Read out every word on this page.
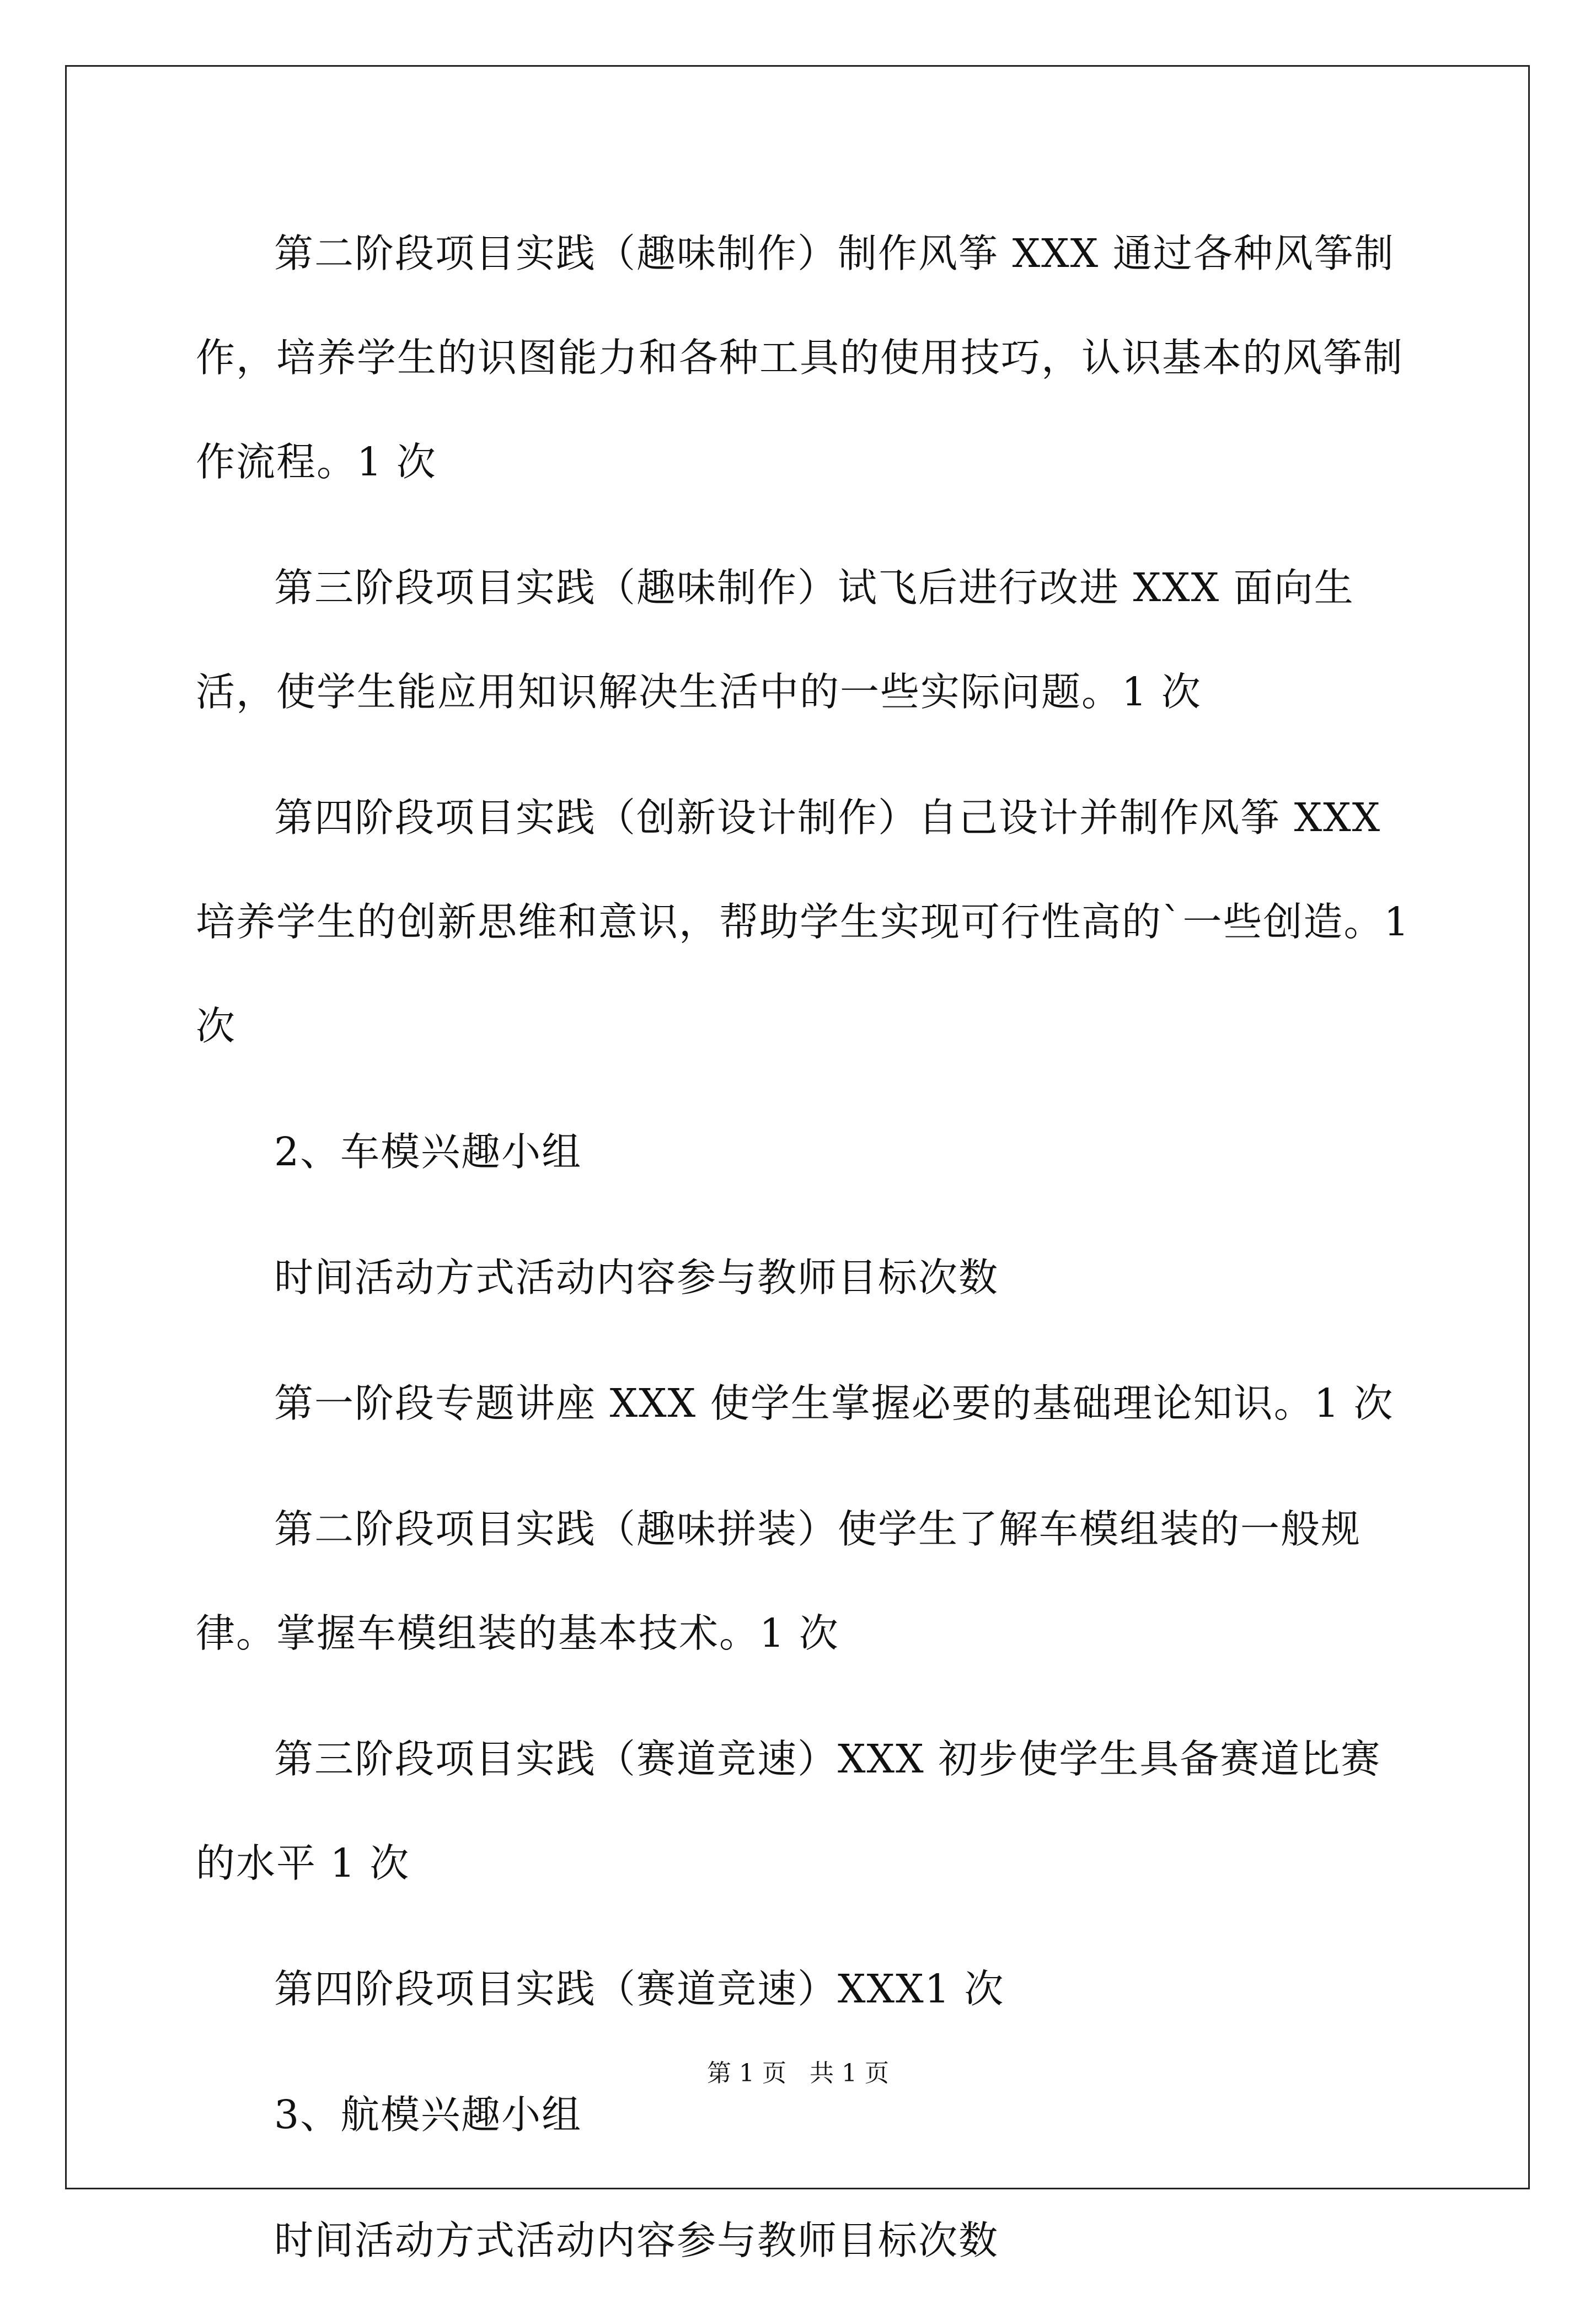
第二阶段项目实践（趣味制作）制作风筝 XXX 通过各种风筝制作，培养学生的识图能力和各种工具的使用技巧，认识基本的风筝制作流程。1 次

第三阶段项目实践（趣味制作）试飞后进行改进 XXX 面向生活，使学生能应用知识解决生活中的一些实际问题。1 次

第四阶段项目实践（创新设计制作）自己设计并制作风筝 XXX 培养学生的创新思维和意识，帮助学生实现可行性高的`一些创造。1 次

2、车模兴趣小组

时间活动方式活动内容参与教师目标次数

第一阶段专题讲座 XXX 使学生掌握必要的基础理论知识。1 次

第二阶段项目实践（趣味拼装）使学生了解车模组装的一般规律。掌握车模组装的基本技术。1 次

第三阶段项目实践（赛道竞速）XXX 初步使学生具备赛道比赛的水平 1 次

第四阶段项目实践（赛道竞速）XXX1 次

3、航模兴趣小组

时间活动方式活动内容参与教师目标次数

第 1 页 共 1 页
